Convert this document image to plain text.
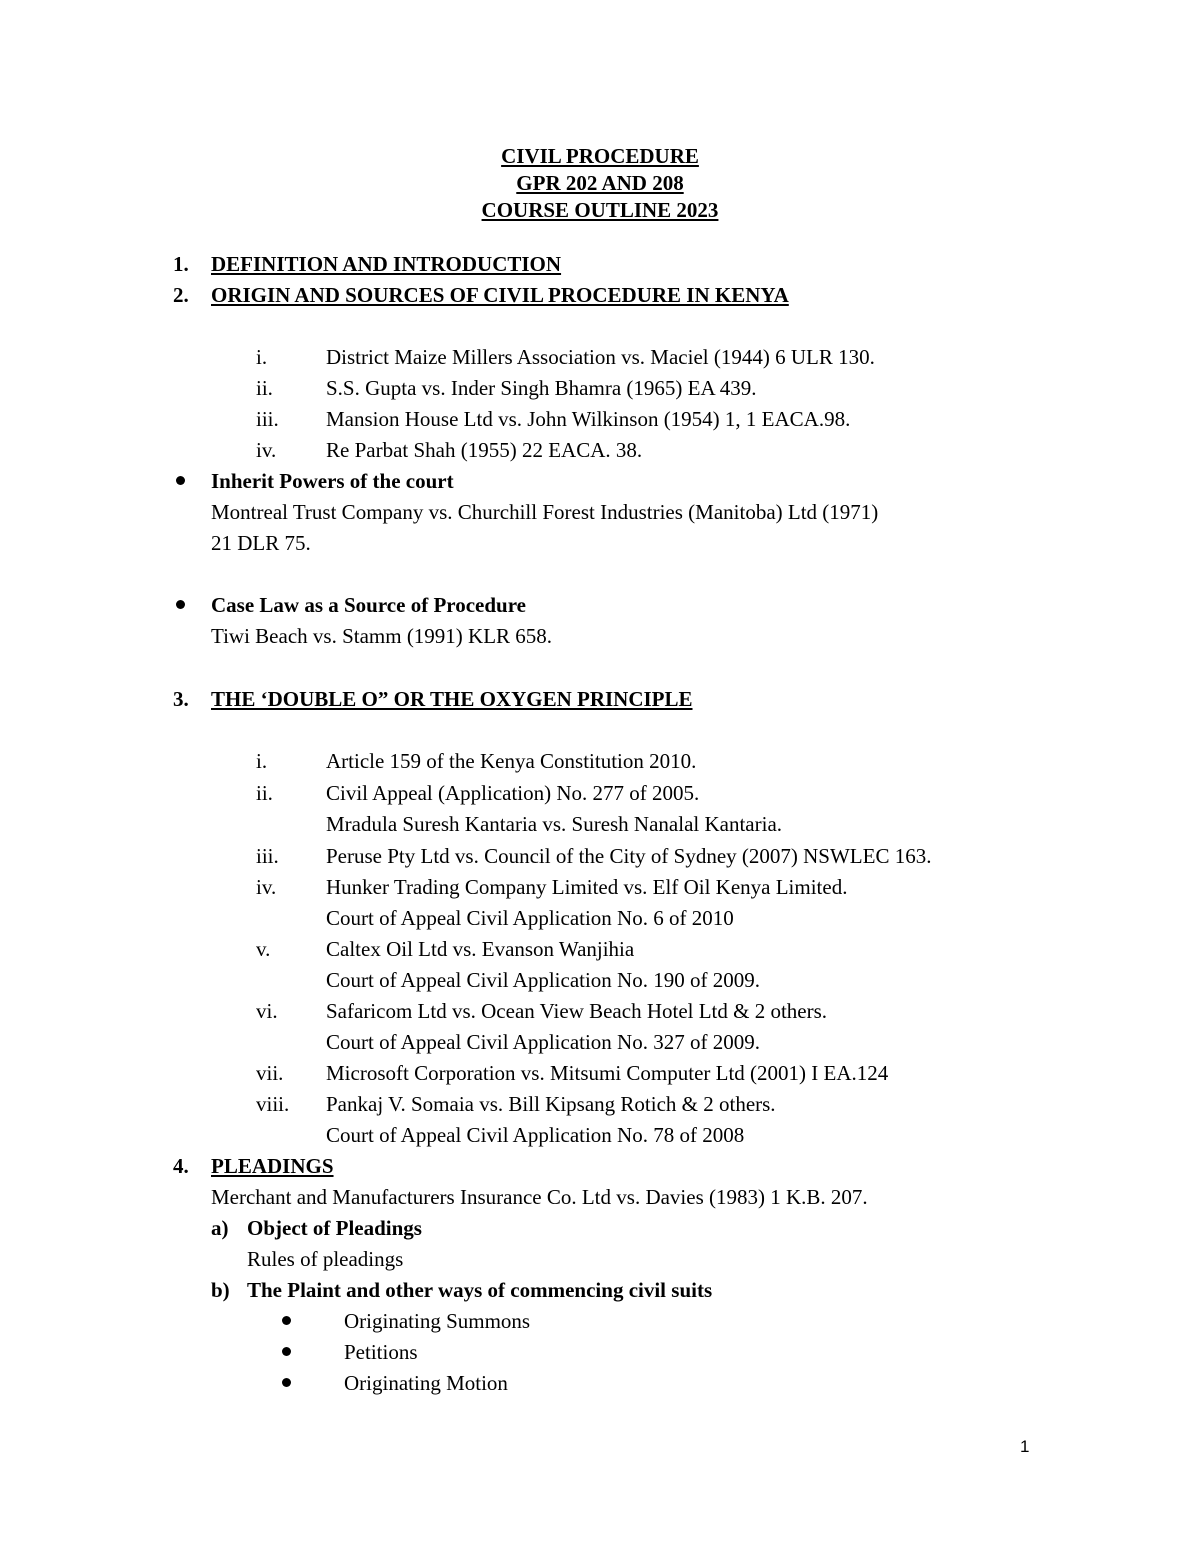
CIVIL PROCEDURE
GPR 202 AND 208
COURSE OUTLINE 2023
1. DEFINITION AND INTRODUCTION
2. ORIGIN AND SOURCES OF CIVIL PROCEDURE IN KENYA
i.	District Maize Millers Association vs. Maciel (1944) 6 ULR 130.
ii.	S.S. Gupta vs. Inder Singh Bhamra (1965) EA 439.
iii. Mansion House Ltd vs. John Wilkinson (1954) 1, 1 EACA.98.
iv. Re Parbat Shah (1955) 22 EACA. 38.
Inherit Powers of the court
Montreal Trust Company vs. Churchill Forest Industries (Manitoba) Ltd (1971)
21 DLR 75.
Case Law as a Source of Procedure
Tiwi Beach vs. Stamm (1991) KLR 658.
3. THE ‘DOUBLE O” OR THE OXYGEN PRINCIPLE
i.	Article 159 of the Kenya Constitution 2010.
ii.	Civil Appeal (Application) No. 277 of 2005.
Mradula Suresh Kantaria vs. Suresh Nanalal Kantaria.
iii. Peruse Pty Ltd vs. Council of the City of Sydney (2007) NSWLEC 163.
iv. Hunker Trading Company Limited vs. Elf Oil Kenya Limited.
Court of Appeal Civil Application No. 6 of 2010
v.	Caltex Oil Ltd vs. Evanson Wanjihia
Court of Appeal Civil Application No. 190 of 2009.
vi. Safaricom Ltd vs. Ocean View Beach Hotel Ltd & 2 others.
Court of Appeal Civil Application No. 327 of 2009.
vii. Microsoft Corporation vs. Mitsumi Computer Ltd (2001) I EA.124
viii. Pankaj V. Somaia vs. Bill Kipsang Rotich & 2 others.
Court of Appeal Civil Application No. 78 of 2008
4. PLEADINGS
Merchant and Manufacturers Insurance Co. Ltd vs. Davies (1983) 1 K.B. 207.
a) Object of Pleadings
Rules of pleadings
b) The Plaint and other ways of commencing civil suits
Originating Summons
Petitions
Originating Motion
1
